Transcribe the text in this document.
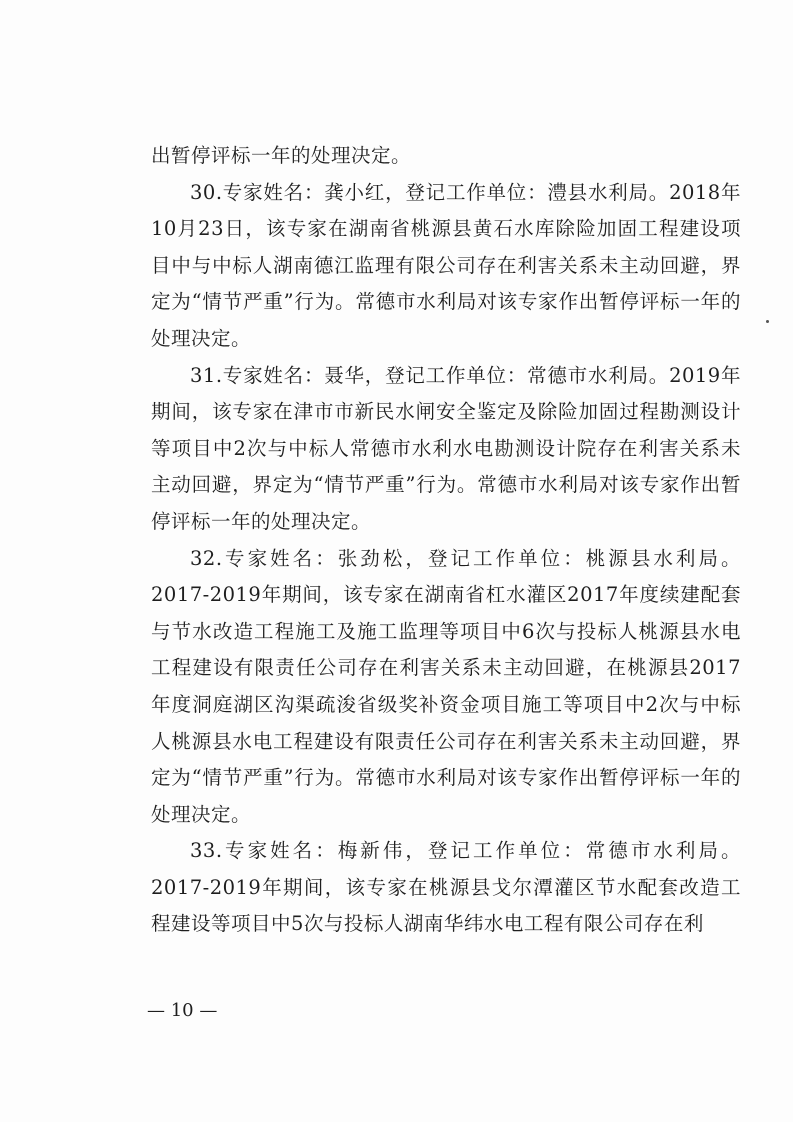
出暂停评标一年的处理决定。

30.专家姓名：龚小红，登记工作单位：澧县水利局。2018年10月23日，该专家在湖南省桃源县黄石水库除险加固工程建设项目中与中标人湖南德江监理有限公司存在利害关系未主动回避，界定为“情节严重”行为。常德市水利局对该专家作出暂停评标一年的处理决定。

31.专家姓名：聂华，登记工作单位：常德市水利局。2019年期间，该专家在津市市新民水闸安全鉴定及除险加固过程勘测设计等项目中2次与中标人常德市水利水电勘测设计院存在利害关系未主动回避，界定为“情节严重”行为。常德市水利局对该专家作出暂停评标一年的处理决定。

32.专家姓名：张劲松，登记工作单位：桃源县水利局。2017-2019年期间，该专家在湖南省杠水灌区2017年度续建配套与节水改造工程施工及施工监理等项目中6次与投标人桃源县水电工程建设有限责任公司存在利害关系未主动回避，在桃源县2017年度洞庭湖区沟渠疏浚省级奖补资金项目施工等项目中2次与中标人桃源县水电工程建设有限责任公司存在利害关系未主动回避，界定为“情节严重”行为。常德市水利局对该专家作出暂停评标一年的处理决定。

33.专家姓名：梅新伟，登记工作单位：常德市水利局。2017-2019年期间，该专家在桃源县戈尔潭灌区节水配套改造工程建设等项目中5次与投标人湖南华纬水电工程有限公司存在利

— 10 —
